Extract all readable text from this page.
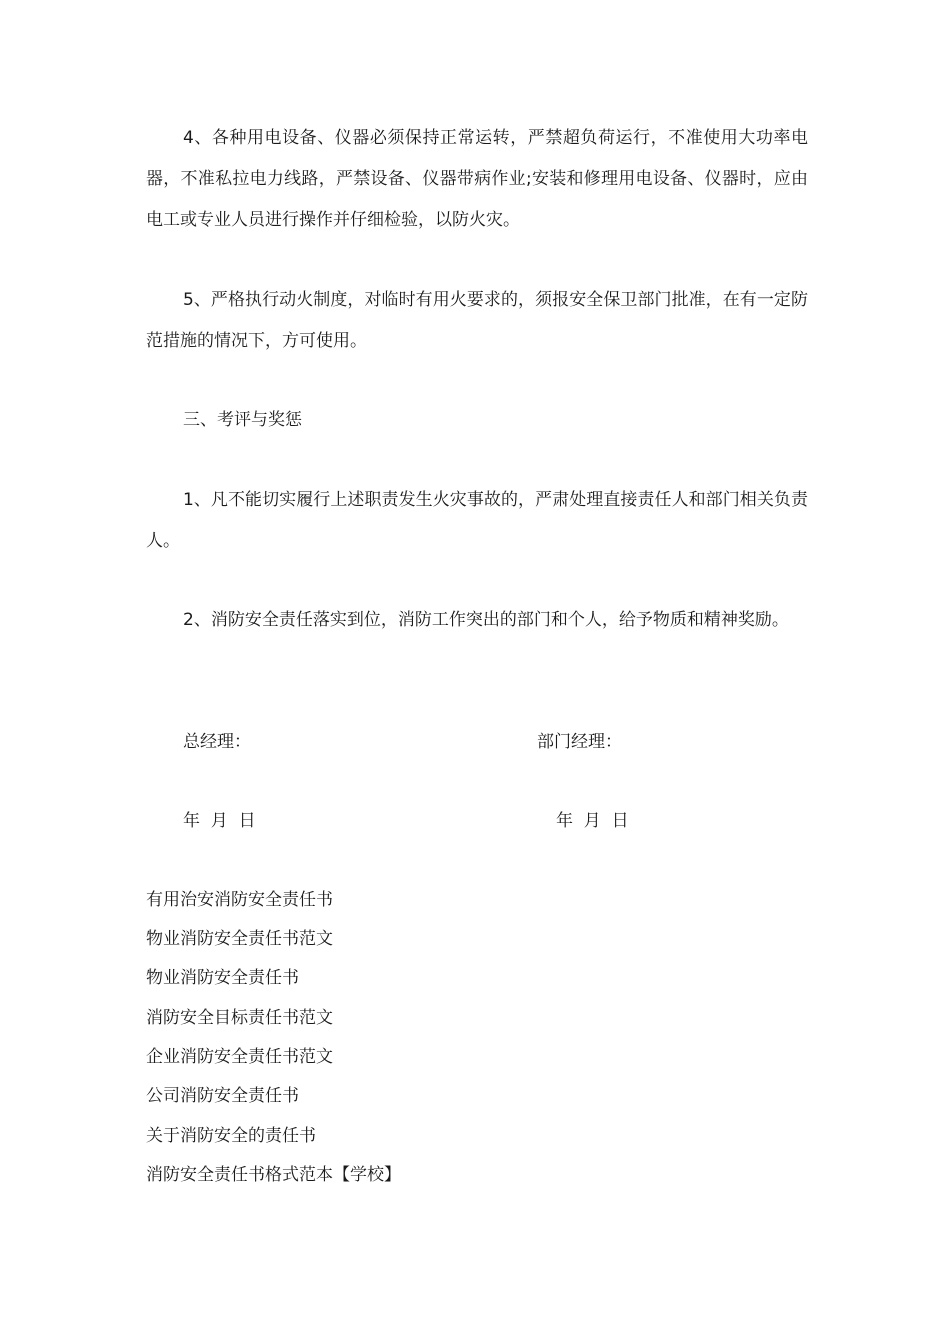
4、各种用电设备、仪器必须保持正常运转，严禁超负荷运行，不准使用大功率电器，不准私拉电力线路，严禁设备、仪器带病作业;安装和修理用电设备、仪器时，应由电工或专业人员进行操作并仔细检验，以防火灾。

5、严格执行动火制度，对临时有用火要求的，须报安全保卫部门批准，在有一定防范措施的情况下，方可使用。

三、考评与奖惩

1、凡不能切实履行上述职责发生火灾事故的，严肃处理直接责任人和部门相关负责人。

2、消防安全责任落实到位，消防工作突出的部门和个人，给予物质和精神奖励。

总经理：	部门经理：

年  月  日	年  月  日

有用治安消防安全责任书

物业消防安全责任书范文

物业消防安全责任书

消防安全目标责任书范文

企业消防安全责任书范文

公司消防安全责任书

关于消防安全的责任书

消防安全责任书格式范本【学校】
